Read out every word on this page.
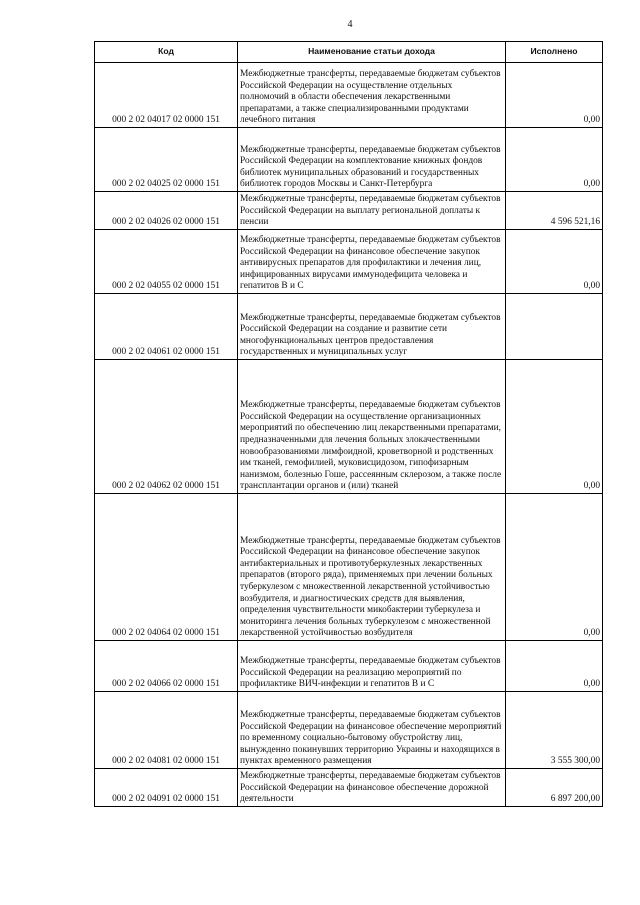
4
Код	Наименование статьи дохода	Исполнено
000 2 02 04017 02 0000 151	Межбюджетные трансферты, передаваемые бюджетам субъектов Российской Федерации на осуществление отдельных полномочий в области обеспечения лекарственными препаратами, а также специализированными продуктами лечебного питания	0,00
000 2 02 04025 02 0000 151	Межбюджетные трансферты, передаваемые бюджетам субъектов Российской Федерации на комплектование книжных фондов библиотек муниципальных образований и государственных библиотек городов Москвы и Санкт-Петербурга	0,00
000 2 02 04026 02 0000 151	Межбюджетные трансферты, передаваемые бюджетам субъектов Российской Федерации на выплату региональной доплаты к пенсии	4 596 521,16
000 2 02 04055 02 0000 151	Межбюджетные трансферты, передаваемые бюджетам субъектов Российской Федерации на финансовое обеспечение закупок антивирусных препаратов для профилактики и лечения лиц, инфицированных вирусами иммунодефицита человека и гепатитов В и С	0,00
000 2 02 04061 02 0000 151	Межбюджетные трансферты, передаваемые бюджетам субъектов Российской Федерации на создание и развитие сети многофункциональных центров предоставления государственных и муниципальных услуг	
000 2 02 04062 02 0000 151	Межбюджетные трансферты, передаваемые бюджетам субъектов Российской Федерации на осуществление организационных мероприятий по обеспечению лиц лекарственными препаратами, предназначенными для лечения больных злокачественными новообразованиями лимфоидной, кроветворной и родственных им тканей, гемофилией, муковисцидозом, гипофизарным нанизмом, болезнью Гоше, рассеянным склерозом, а также после трансплантации органов и (или) тканей	0,00
000 2 02 04064 02 0000 151	Межбюджетные трансферты, передаваемые бюджетам субъектов Российской Федерации на финансовое обеспечение закупок антибактериальных и противотуберкулезных лекарственных препаратов (второго ряда), применяемых при лечении больных туберкулезом с множественной лекарственной устойчивостью возбудителя, и диагностических средств для выявления, определения чувствительности микобактерии туберкулеза и мониторинга лечения больных туберкулезом с множественной лекарственной устойчивостью возбудителя	0,00
000 2 02 04066 02 0000 151	Межбюджетные трансферты, передаваемые бюджетам субъектов Российской Федерации на реализацию мероприятий по профилактике ВИЧ-инфекции и гепатитов В и С	0,00
000 2 02 04081 02 0000 151	Межбюджетные трансферты, передаваемые бюджетам субъектов Российской Федерации на финансовое обеспечение мероприятий по временному социально-бытовому обустройству лиц, вынужденно покинувших территорию Украины и находящихся в пунктах временного размещения	3 555 300,00
000 2 02 04091 02 0000 151	Межбюджетные трансферты, передаваемые бюджетам субъектов Российской Федерации на финансовое обеспечение дорожной деятельности	6 897 200,00
